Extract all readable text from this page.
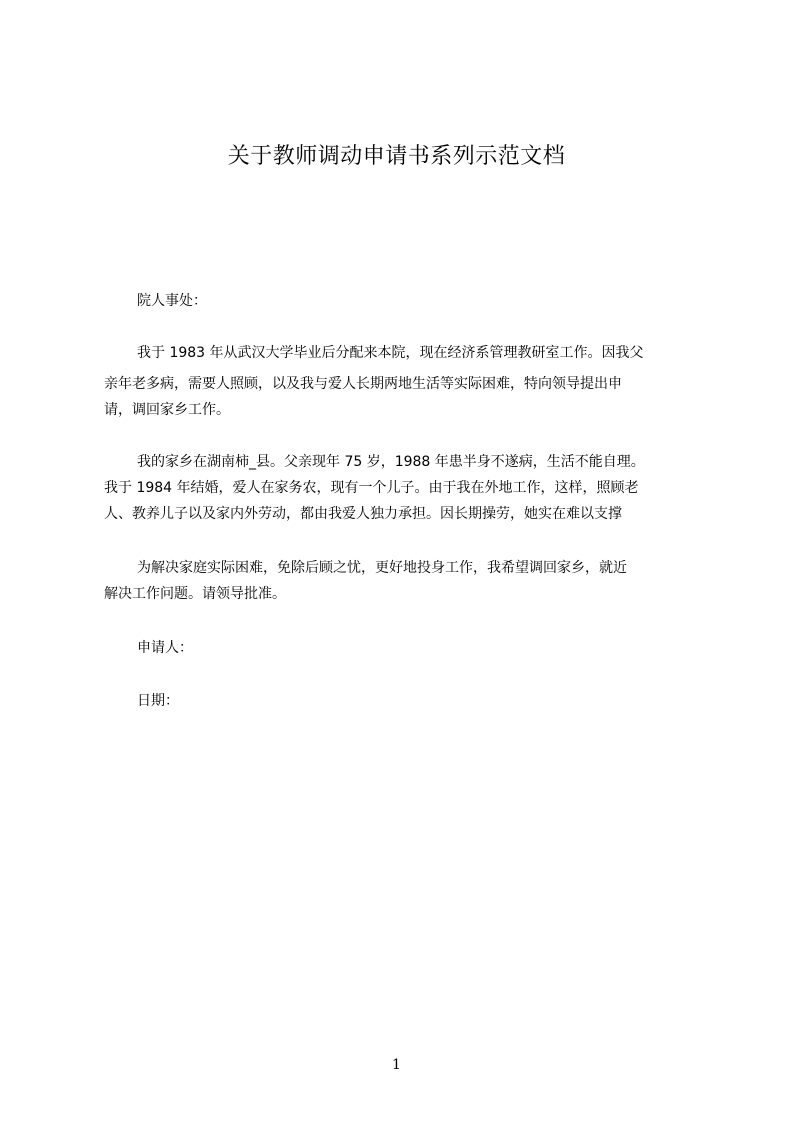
关于教师调动申请书系列示范文档
院人事处：
我于 1983 年从武汉大学毕业后分配来本院，现在经济系管理教研室工作。因我父
亲年老多病，需要人照顾，以及我与爱人长期两地生活等实际困难，特向领导提出申
请，调回家乡工作。
我的家乡在湖南柿_县。父亲现年 75 岁，1988 年患半身不遂病，生活不能自理。
我于 1984 年结婚，爱人在家务农，现有一个儿子。由于我在外地工作，这样，照顾老
人、教养儿子以及家内外劳动，都由我爱人独力承担。因长期操劳，她实在难以支撑
为解决家庭实际困难，免除后顾之忧，更好地投身工作，我希望调回家乡，就近
解决工作问题。请领导批准。
申请人：
日期：
1
